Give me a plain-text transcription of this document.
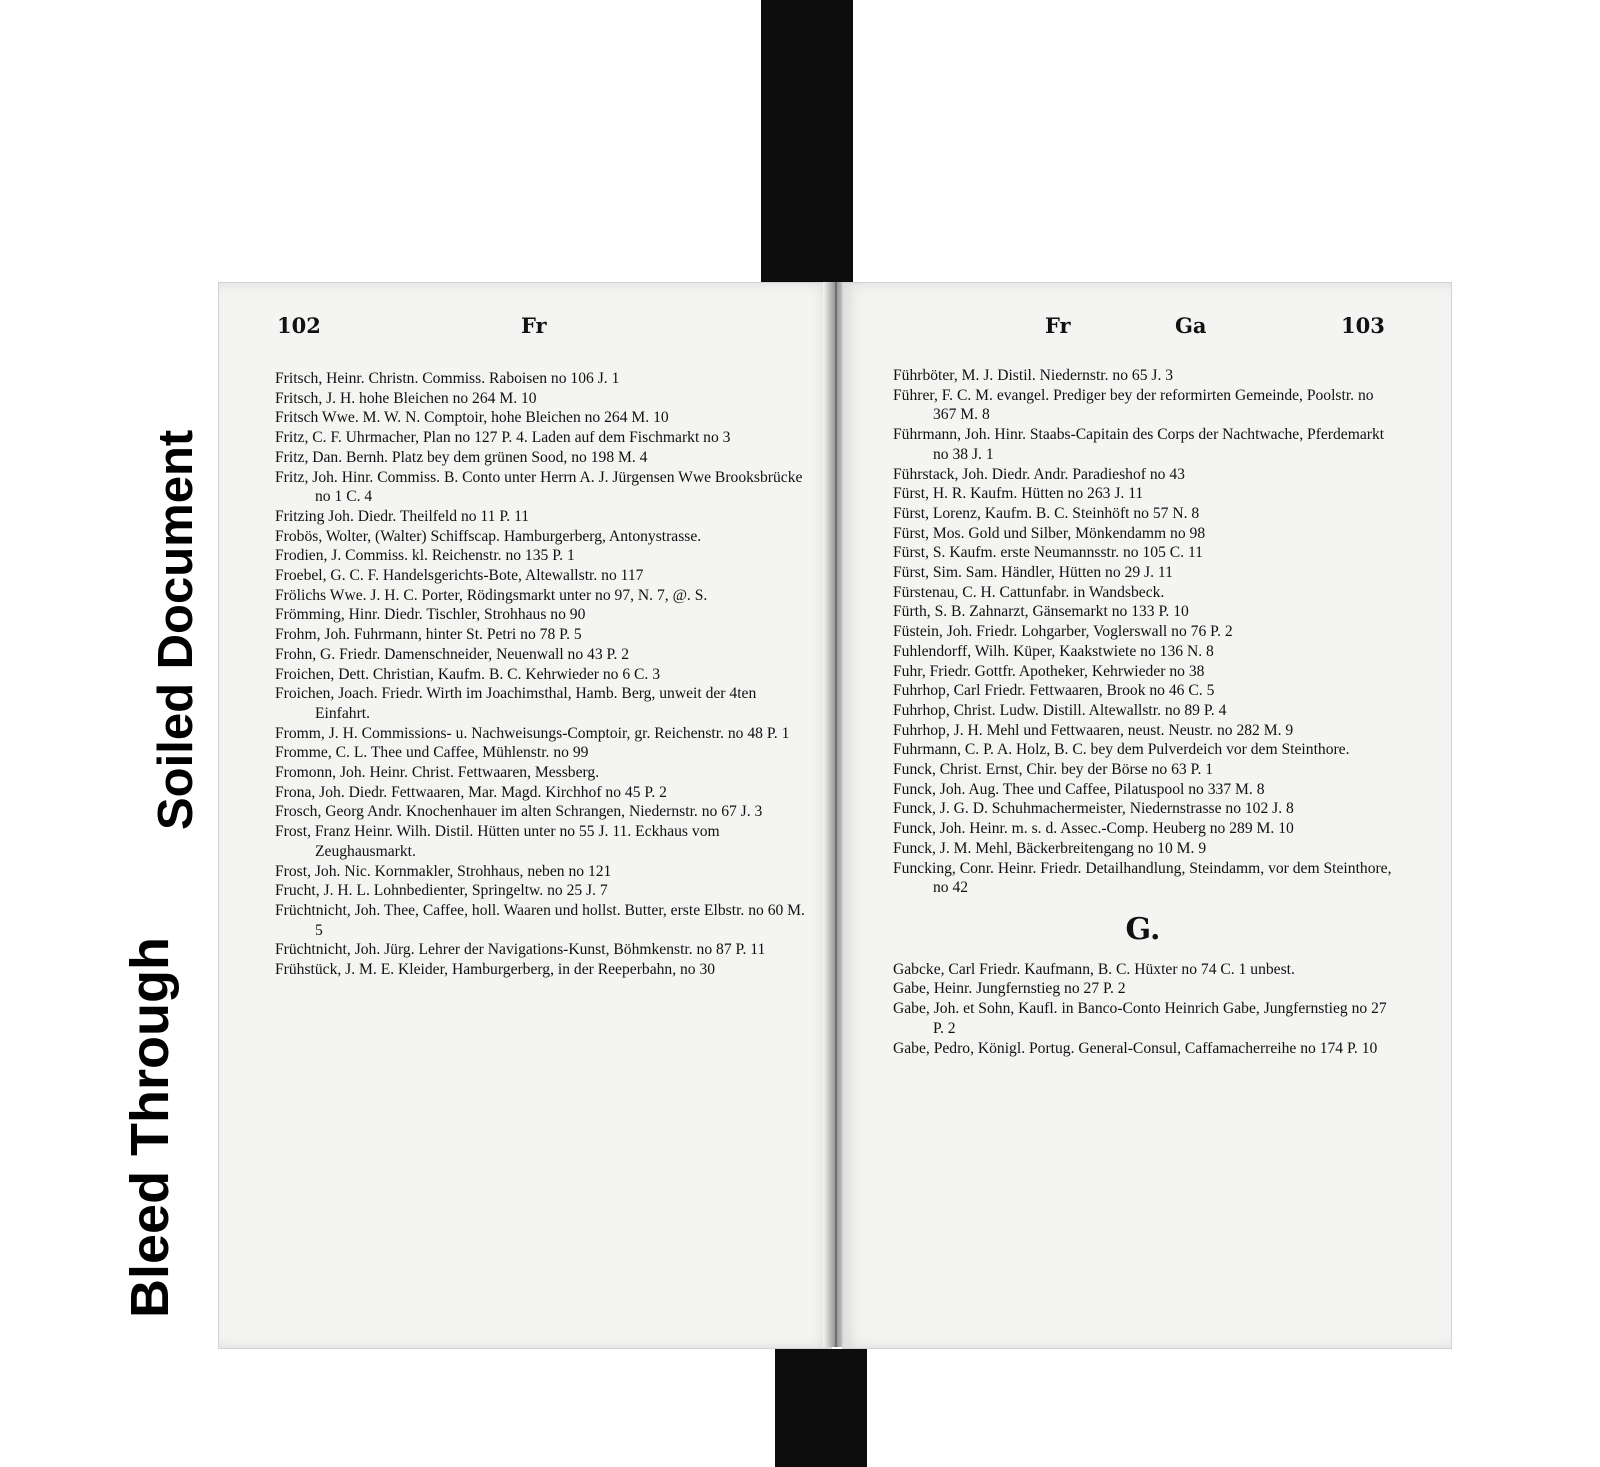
Bleed Through
Soiled Document
102	Fr

Fritsch, Heinr. Christn. Commiss. Raboisen no 106 J. 1

Fritsch, J. H. hohe Bleichen no 264 M. 10

Fritsch Wwe. M. W. N. Comptoir, hohe Bleichen no 264 M. 10

Fritz, C. F. Uhrmacher, Plan no 127 P. 4. Laden auf dem Fischmarkt no 3

Fritz, Dan. Bernh. Platz bey dem grünen Sood, no 198 M. 4

Fritz, Joh. Hinr. Commiss. B. Conto unter Herrn A. J. Jürgensen Wwe Brooksbrücke no 1 C. 4

Fritzing Joh. Diedr. Theilfeld no 11 P. 11

Frobös, Wolter, (Walter) Schiffscap. Hamburgerberg, Antonystrasse.

Frodien, J. Commiss. kl. Reichenstr. no 135 P. 1

Froebel, G. C. F. Handelsgerichts-Bote, Altewallstr. no 117

Frölichs Wwe. J. H. C. Porter, Rödingsmarkt unter no 97, N. 7, @. S.

Frömming, Hinr. Diedr. Tischler, Strohhaus no 90

Frohm, Joh. Fuhrmann, hinter St. Petri no 78 P. 5

Frohn, G. Friedr. Damenschneider, Neuenwall no 43 P. 2

Froichen, Dett. Christian, Kaufm. B. C. Kehrwieder no 6 C. 3

Froichen, Joach. Friedr. Wirth im Joachimsthal, Hamb. Berg, unweit der 4ten Einfahrt.

Fromm, J. H. Commissions- u. Nachweisungs-Comptoir, gr. Reichenstr. no 48 P. 1

Fromme, C. L. Thee und Caffee, Mühlenstr. no 99

Fromonn, Joh. Heinr. Christ. Fettwaaren, Messberg.

Frona, Joh. Diedr. Fettwaaren, Mar. Magd. Kirchhof no 45 P. 2

Frosch, Georg Andr. Knochenhauer im alten Schrangen, Niedernstr. no 67 J. 3

Frost, Franz Heinr. Wilh. Distil. Hütten unter no 55 J. 11. Eckhaus vom Zeughausmarkt.

Frost, Joh. Nic. Kornmakler, Strohhaus, neben no 121

Frucht, J. H. L. Lohnbedienter, Springeltw. no 25 J. 7

Früchtnicht, Joh. Thee, Caffee, holl. Waaren und hollst. Butter, erste Elbstr. no 60 M. 5

Früchtnicht, Joh. Jürg. Lehrer der Navigations-Kunst, Böhmkenstr. no 87 P. 11

Frühstück, J. M. E. Kleider, Hamburgerberg, in der Reeperbahn, no 30

Fr	Ga	103

Führböter, M. J. Distil. Niedernstr. no 65 J. 3

Führer, F. C. M. evangel. Prediger bey der reformirten Gemeinde, Poolstr. no 367 M. 8

Führmann, Joh. Hinr. Staabs-Capitain des Corps der Nachtwache, Pferdemarkt no 38 J. 1

Führstack, Joh. Diedr. Andr. Paradieshof no 43

Fürst, H. R. Kaufm. Hütten no 263 J. 11

Fürst, Lorenz, Kaufm. B. C. Steinhöft no 57 N. 8

Fürst, Mos. Gold und Silber, Mönkendamm no 98

Fürst, S. Kaufm. erste Neumannsstr. no 105 C. 11

Fürst, Sim. Sam. Händler, Hütten no 29 J. 11

Fürstenau, C. H. Cattunfabr. in Wandsbeck.

Fürth, S. B. Zahnarzt, Gänsemarkt no 133 P. 10

Füstein, Joh. Friedr. Lohgarber, Voglerswall no 76 P. 2

Fuhlendorff, Wilh. Küper, Kaakstwiete no 136 N. 8

Fuhr, Friedr. Gottfr. Apotheker, Kehrwieder no 38

Fuhrhop, Carl Friedr. Fettwaaren, Brook no 46 C. 5

Fuhrhop, Christ. Ludw. Distill. Altewallstr. no 89 P. 4

Fuhrhop, J. H. Mehl und Fettwaaren, neust. Neustr. no 282 M. 9

Fuhrmann, C. P. A. Holz, B. C. bey dem Pulverdeich vor dem Steinthore.

Funck, Christ. Ernst, Chir. bey der Börse no 63 P. 1

Funck, Joh. Aug. Thee und Caffee, Pilatuspool no 337 M. 8

Funck, J. G. D. Schuhmachermeister, Niedernstrasse no 102 J. 8

Funck, Joh. Heinr. m. s. d. Assec.-Comp. Heuberg no 289 M. 10

Funck, J. M. Mehl, Bäckerbreitengang no 10 M. 9

Funcking, Conr. Heinr. Friedr. Detailhandlung, Steindamm, vor dem Steinthore, no 42

G.

Gabcke, Carl Friedr. Kaufmann, B. C. Hüxter no 74 C. 1 unbest.

Gabe, Heinr. Jungfernstieg no 27 P. 2

Gabe, Joh. et Sohn, Kaufl. in Banco-Conto Heinrich Gabe, Jungfernstieg no 27 P. 2

Gabe, Pedro, Königl. Portug. General-Consul, Caffamacherreihe no 174 P. 10
